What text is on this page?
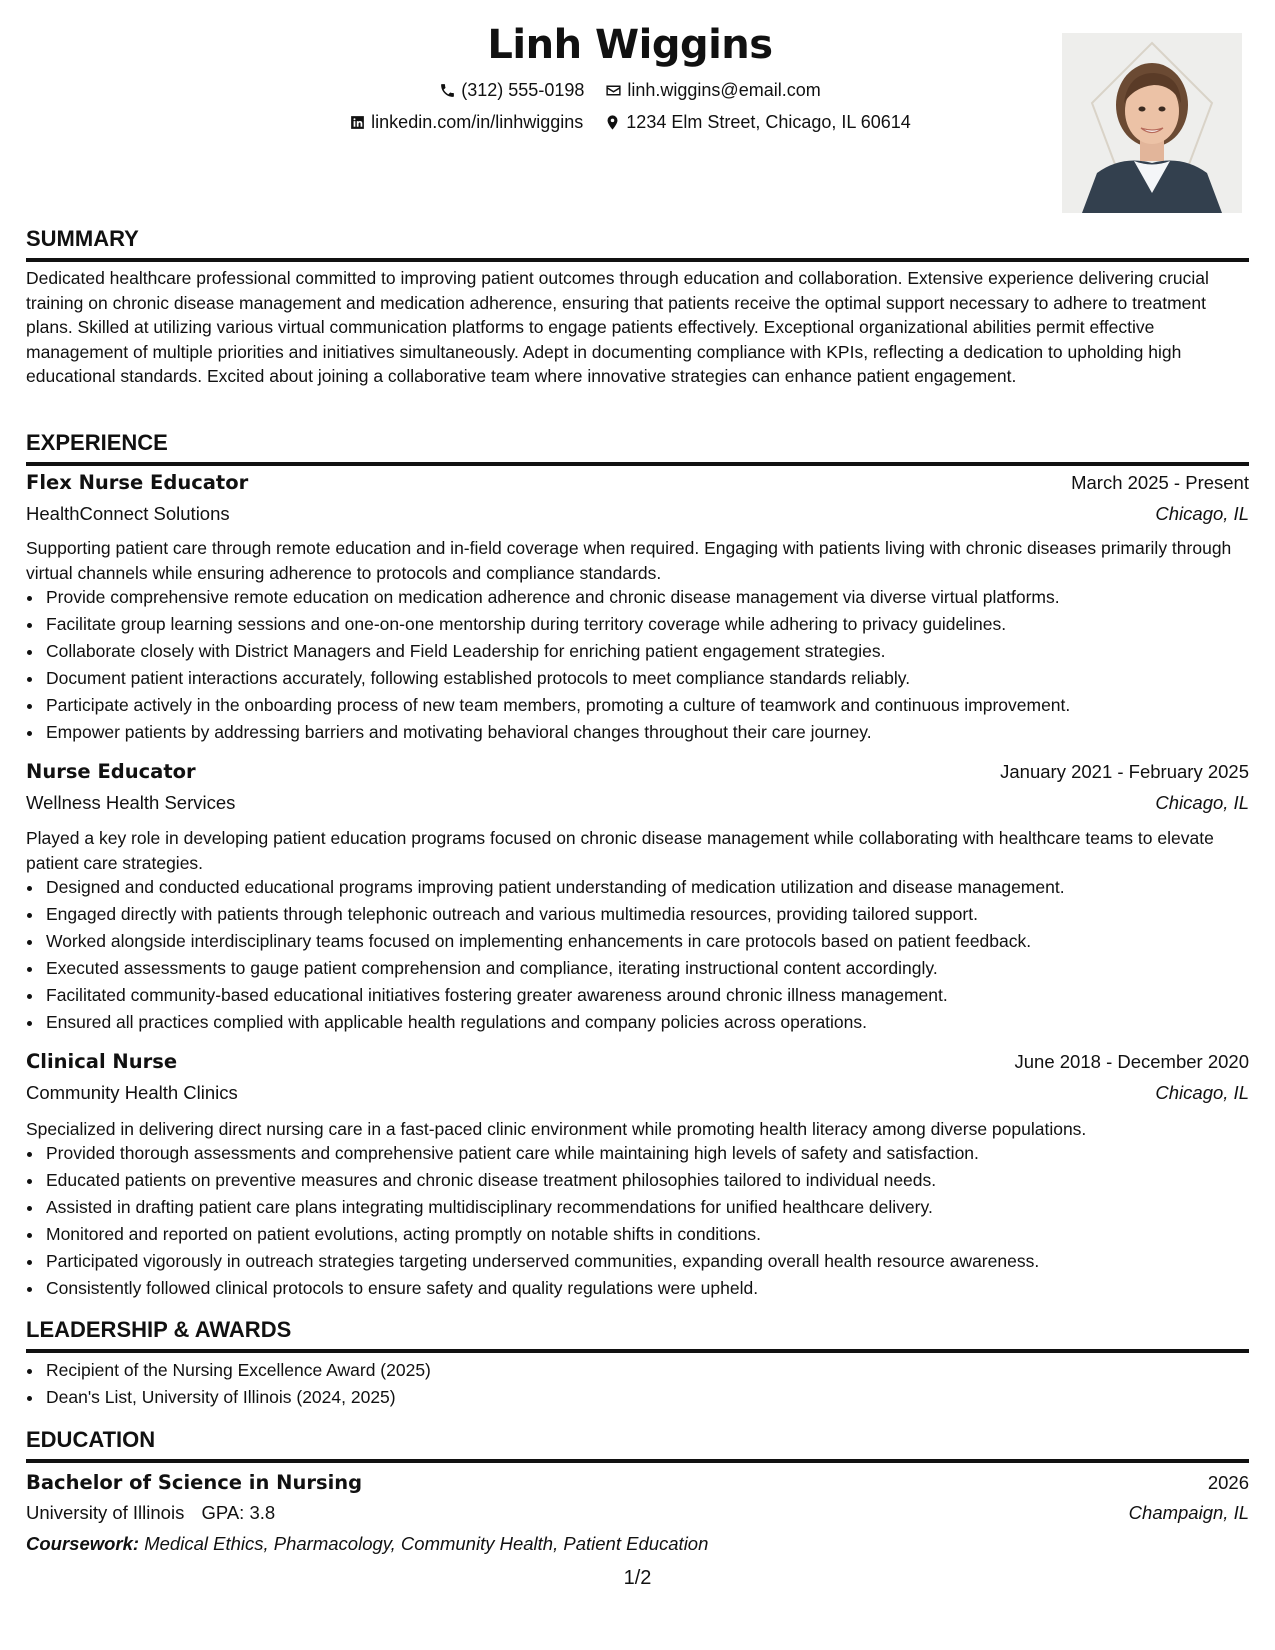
Linh Wiggins
(312) 555-0198
linh.wiggins@email.com
linkedin.com/in/linhwiggins
1234 Elm Street, Chicago, IL 60614
SUMMARY

Dedicated healthcare professional committed to improving patient outcomes through education and collaboration. Extensive experience delivering crucial training on chronic disease management and medication adherence, ensuring that patients receive the optimal support necessary to adhere to treatment plans. Skilled at utilizing various virtual communication platforms to engage patients effectively. Exceptional organizational abilities permit effective management of multiple priorities and initiatives simultaneously. Adept in documenting compliance with KPIs, reflecting a dedication to upholding high educational standards. Excited about joining a collaborative team where innovative strategies can enhance patient engagement.

EXPERIENCE
Flex Nurse Educator	March 2025 - Present
HealthConnect Solutions	Chicago, IL

Supporting patient care through remote education and in-field coverage when required. Engaging with patients living with chronic diseases primarily through virtual channels while ensuring adherence to protocols and compliance standards.

• Provide comprehensive remote education on medication adherence and chronic disease management via diverse virtual platforms.
• Facilitate group learning sessions and one-on-one mentorship during territory coverage while adhering to privacy guidelines.
• Collaborate closely with District Managers and Field Leadership for enriching patient engagement strategies.
• Document patient interactions accurately, following established protocols to meet compliance standards reliably.
• Participate actively in the onboarding process of new team members, promoting a culture of teamwork and continuous improvement.
• Empower patients by addressing barriers and motivating behavioral changes throughout their care journey.
Nurse Educator	January 2021 - February 2025
Wellness Health Services	Chicago, IL

Played a key role in developing patient education programs focused on chronic disease management while collaborating with healthcare teams to elevate patient care strategies.

• Designed and conducted educational programs improving patient understanding of medication utilization and disease management.
• Engaged directly with patients through telephonic outreach and various multimedia resources, providing tailored support.
• Worked alongside interdisciplinary teams focused on implementing enhancements in care protocols based on patient feedback.
• Executed assessments to gauge patient comprehension and compliance, iterating instructional content accordingly.
• Facilitated community-based educational initiatives fostering greater awareness around chronic illness management.
• Ensured all practices complied with applicable health regulations and company policies across operations.
Clinical Nurse	June 2018 - December 2020
Community Health Clinics	Chicago, IL

Specialized in delivering direct nursing care in a fast-paced clinic environment while promoting health literacy among diverse populations.

• Provided thorough assessments and comprehensive patient care while maintaining high levels of safety and satisfaction.
• Educated patients on preventive measures and chronic disease treatment philosophies tailored to individual needs.
• Assisted in drafting patient care plans integrating multidisciplinary recommendations for unified healthcare delivery.
• Monitored and reported on patient evolutions, acting promptly on notable shifts in conditions.
• Participated vigorously in outreach strategies targeting underserved communities, expanding overall health resource awareness.
• Consistently followed clinical protocols to ensure safety and quality regulations were upheld.
LEADERSHIP & AWARDS
• Recipient of the Nursing Excellence Award (2025)
• Dean's List, University of Illinois (2024, 2025)
EDUCATION
Bachelor of Science in Nursing	2026
University of Illinois GPA: 3.8	Champaign, IL
Coursework: Medical Ethics, Pharmacology, Community Health, Patient Education
1/2
